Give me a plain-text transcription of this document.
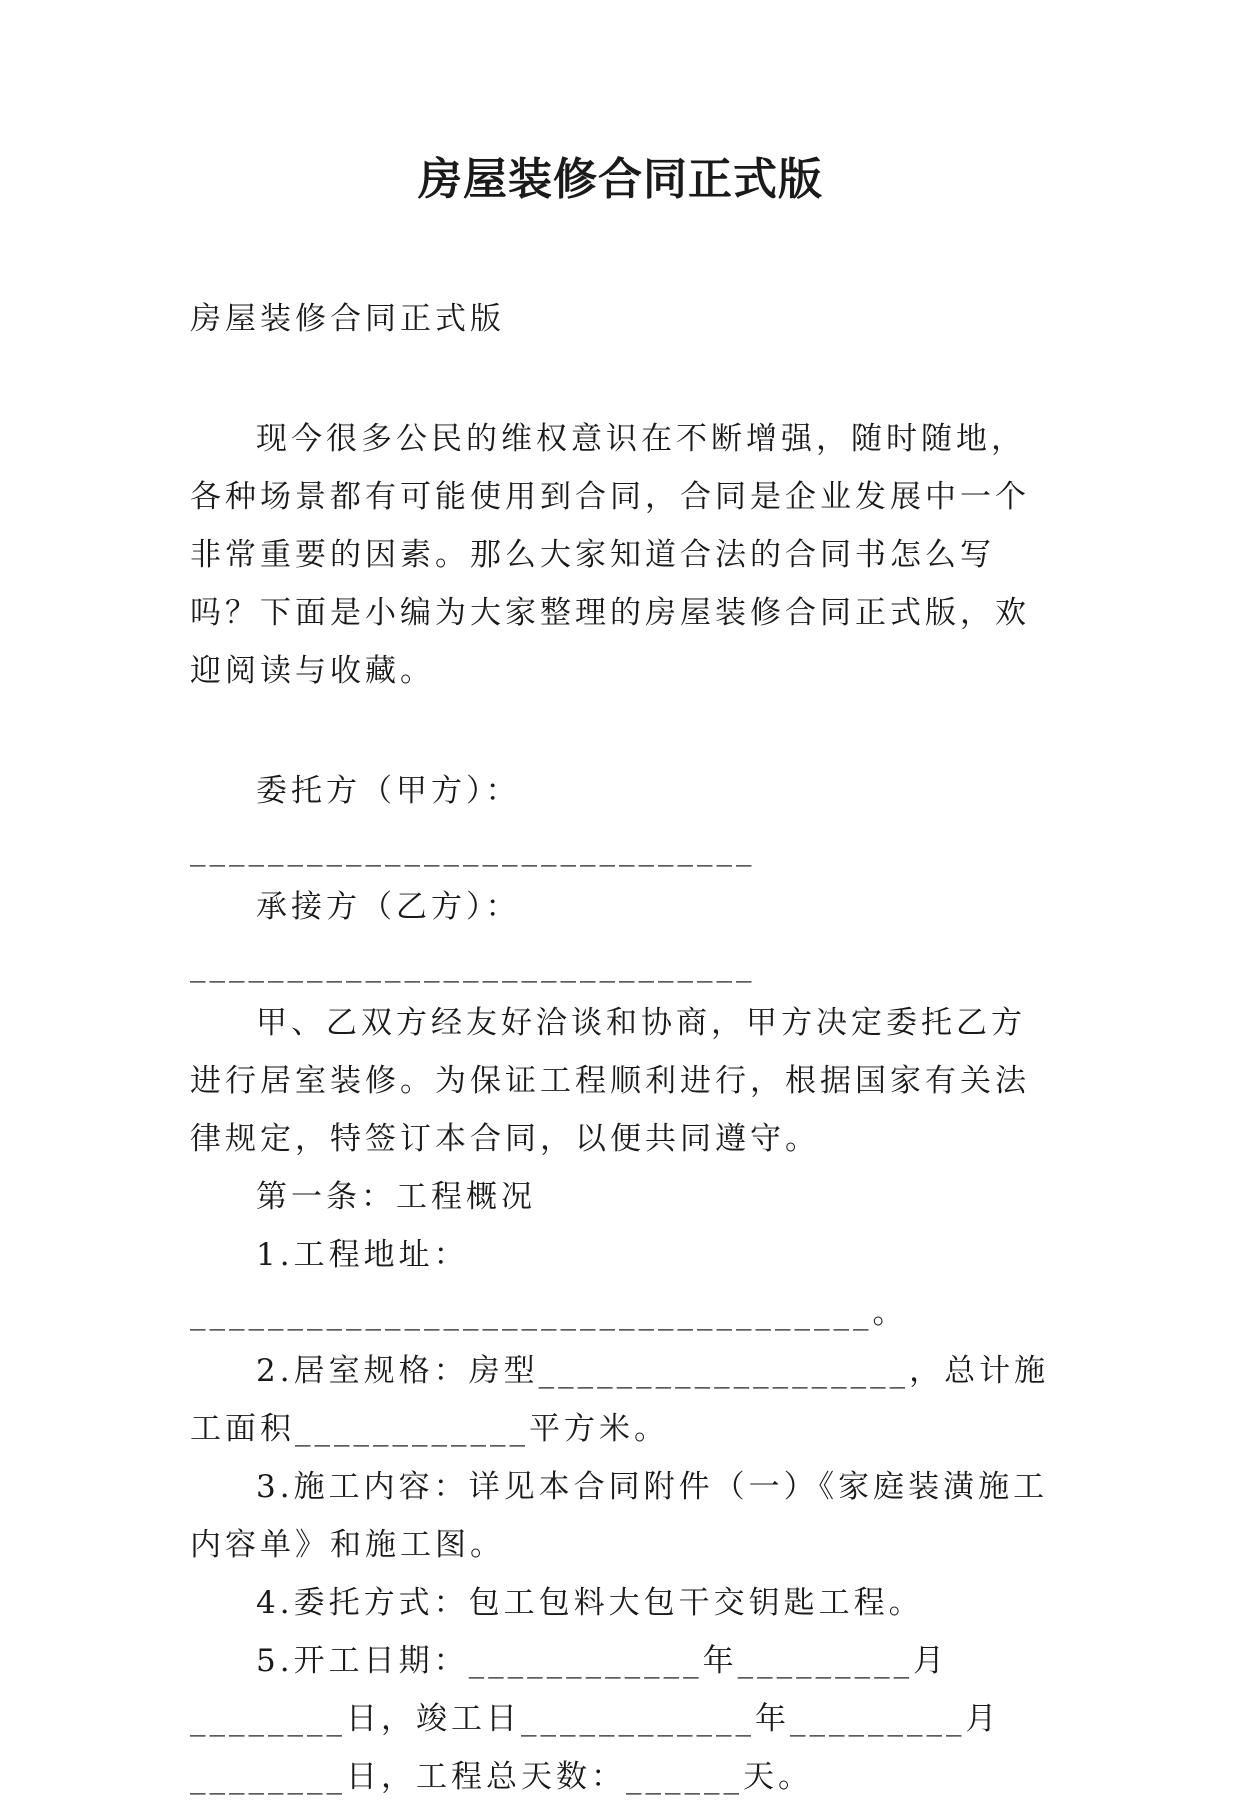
房屋装修合同正式版

房屋装修合同正式版

现今很多公民的维权意识在不断增强，随时随地，各种场景都有可能使用到合同，合同是企业发展中一个非常重要的因素。那么大家知道合法的合同书怎么写吗？下面是小编为大家整理的房屋装修合同正式版，欢迎阅读与收藏。

委托方（甲方）：_____________________________

承接方（乙方）：_____________________________

甲、乙双方经友好洽谈和协商，甲方决定委托乙方进行居室装修。为保证工程顺利进行，根据国家有关法律规定，特签订本合同，以便共同遵守。

第一条：工程概况

1.工程地址：___________________________________。

2.居室规格：房型___________________，总计施工面积____________平方米。

3.施工内容：详见本合同附件（一）《家庭装潢施工内容单》和施工图。

4.委托方式：包工包料大包干交钥匙工程。

5.开工日期：____________年_________月________日，竣工日____________年_________月________日，工程总天数：______天。
